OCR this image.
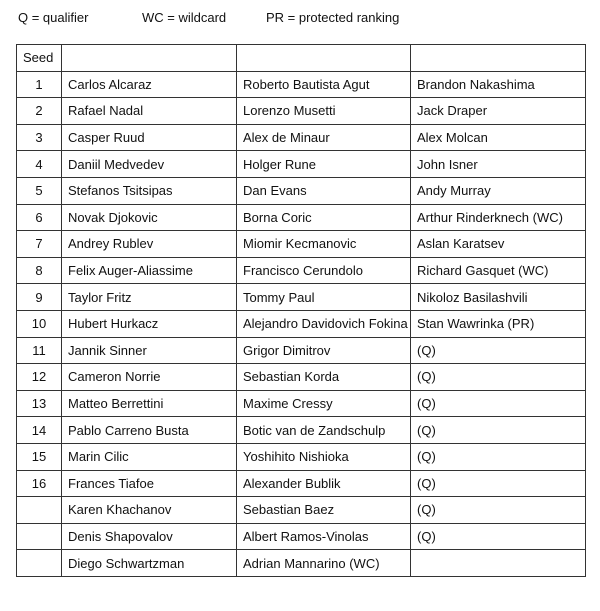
Q = qualifier	WC = wildcard	PR = protected ranking
Seed			
1	Carlos Alcaraz	Roberto Bautista Agut	Brandon Nakashima
2	Rafael Nadal	Lorenzo Musetti	Jack Draper
3	Casper Ruud	Alex de Minaur	Alex Molcan
4	Daniil Medvedev	Holger Rune	John Isner
5	Stefanos Tsitsipas	Dan Evans	Andy Murray
6	Novak Djokovic	Borna Coric	Arthur Rinderknech (WC)
7	Andrey Rublev	Miomir Kecmanovic	Aslan Karatsev
8	Felix Auger-Aliassime	Francisco Cerundolo	Richard Gasquet (WC)
9	Taylor Fritz	Tommy Paul	Nikoloz Basilashvili
10	Hubert Hurkacz	Alejandro Davidovich Fokina	Stan Wawrinka (PR)
11	Jannik Sinner	Grigor Dimitrov	(Q)
12	Cameron Norrie	Sebastian Korda	(Q)
13	Matteo Berrettini	Maxime Cressy	(Q)
14	Pablo Carreno Busta	Botic van de Zandschulp	(Q)
15	Marin Cilic	Yoshihito Nishioka	(Q)
16	Frances Tiafoe	Alexander Bublik	(Q)
	Karen Khachanov	Sebastian Baez	(Q)
	Denis Shapovalov	Albert Ramos-Vinolas	(Q)
	Diego Schwartzman	Adrian Mannarino (WC)	
